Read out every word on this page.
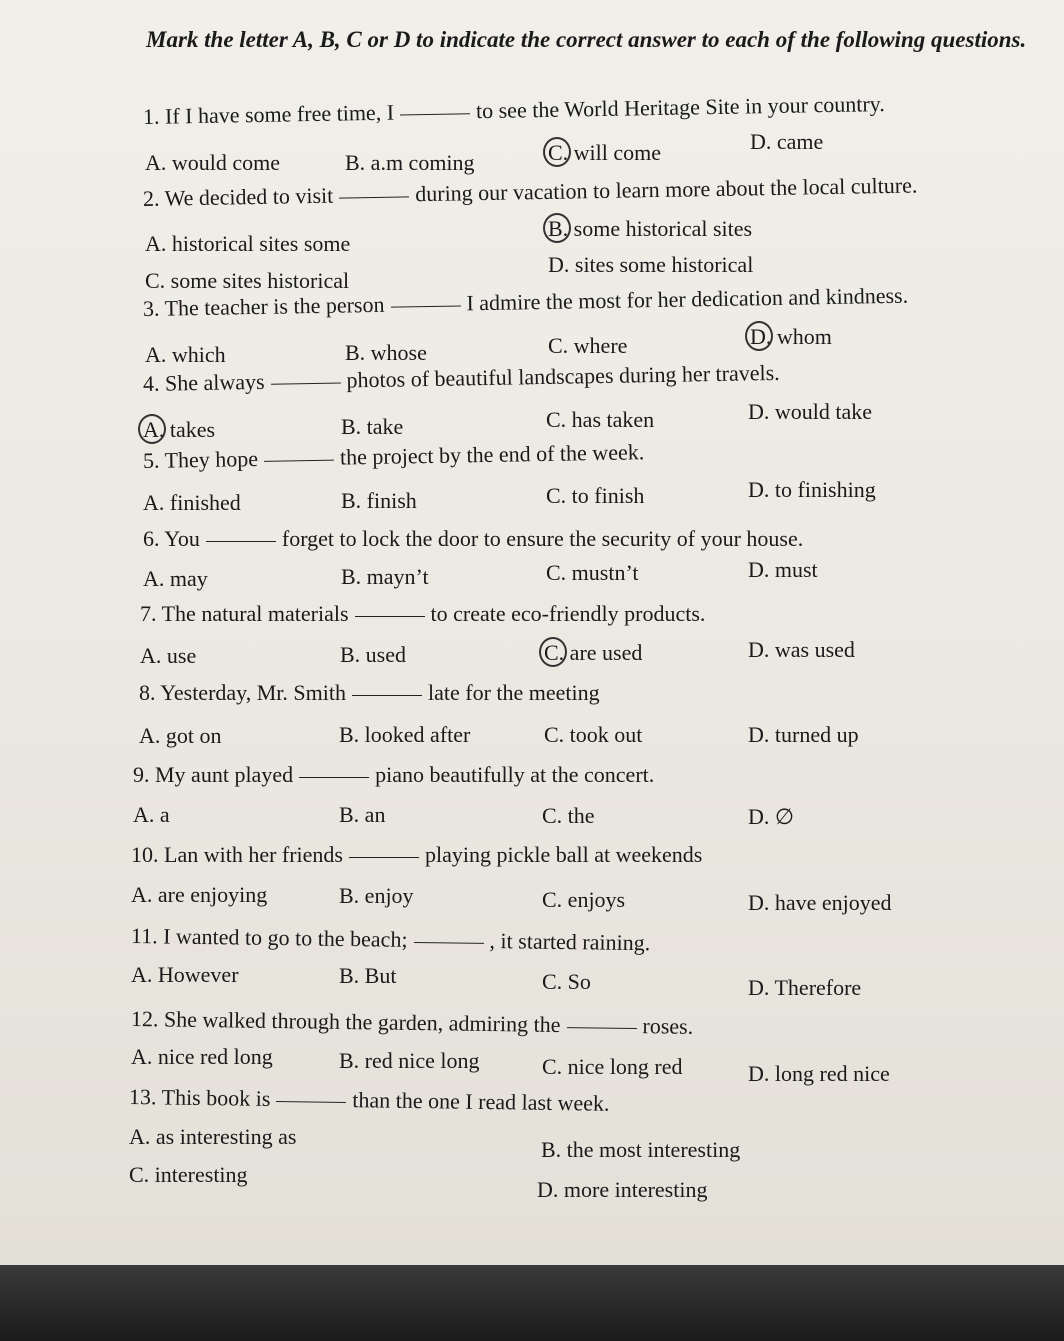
Mark the letter A, B, C or D to indicate the correct answer to each of the following questions.
1. If I have some free time, I	to see the World Heritage Site in your country.
A. would come	B. a.m coming	C. will come	D. came
2. We decided to visit	during our vacation to learn more about the local culture.
A. historical sites some
B. some historical sites
C. some sites historical
D. sites some historical
3. The teacher is the person	I admire the most for her dedication and kindness.
A. which	B. whose	C. where	D. whom
4. She always	photos of beautiful landscapes during her travels.
A. takes	B. take	C. has taken	D. would take
5. They hope	the project by the end of the week.
A. finished	B. finish	C. to finish	D. to finishing
6. You	forget to lock the door to ensure the security of your house.
A. may	B. mayn’t	C. mustn’t	D. must
7. The natural materials	to create eco-friendly products.
A. use	B. used	C. are used	D. was used
8. Yesterday, Mr. Smith	late for the meeting
A. got on	B. looked after	C. took out	D. turned up
9. My aunt played	piano beautifully at the concert.
A. a	B. an	C. the	D. ∅
10. Lan with her friends	playing pickle ball at weekends
A. are enjoying	B. enjoy	C. enjoys	D. have enjoyed
11. I wanted to go to the beach;	, it started raining.
A. However	B. But	C. So	D. Therefore
12. She walked through the garden, admiring the	roses.
A. nice red long	B. red nice long	C. nice long red	D. long red nice
13. This book is	than the one I read last week.
A. as interesting as
B. the most interesting
C. interesting
D. more interesting
